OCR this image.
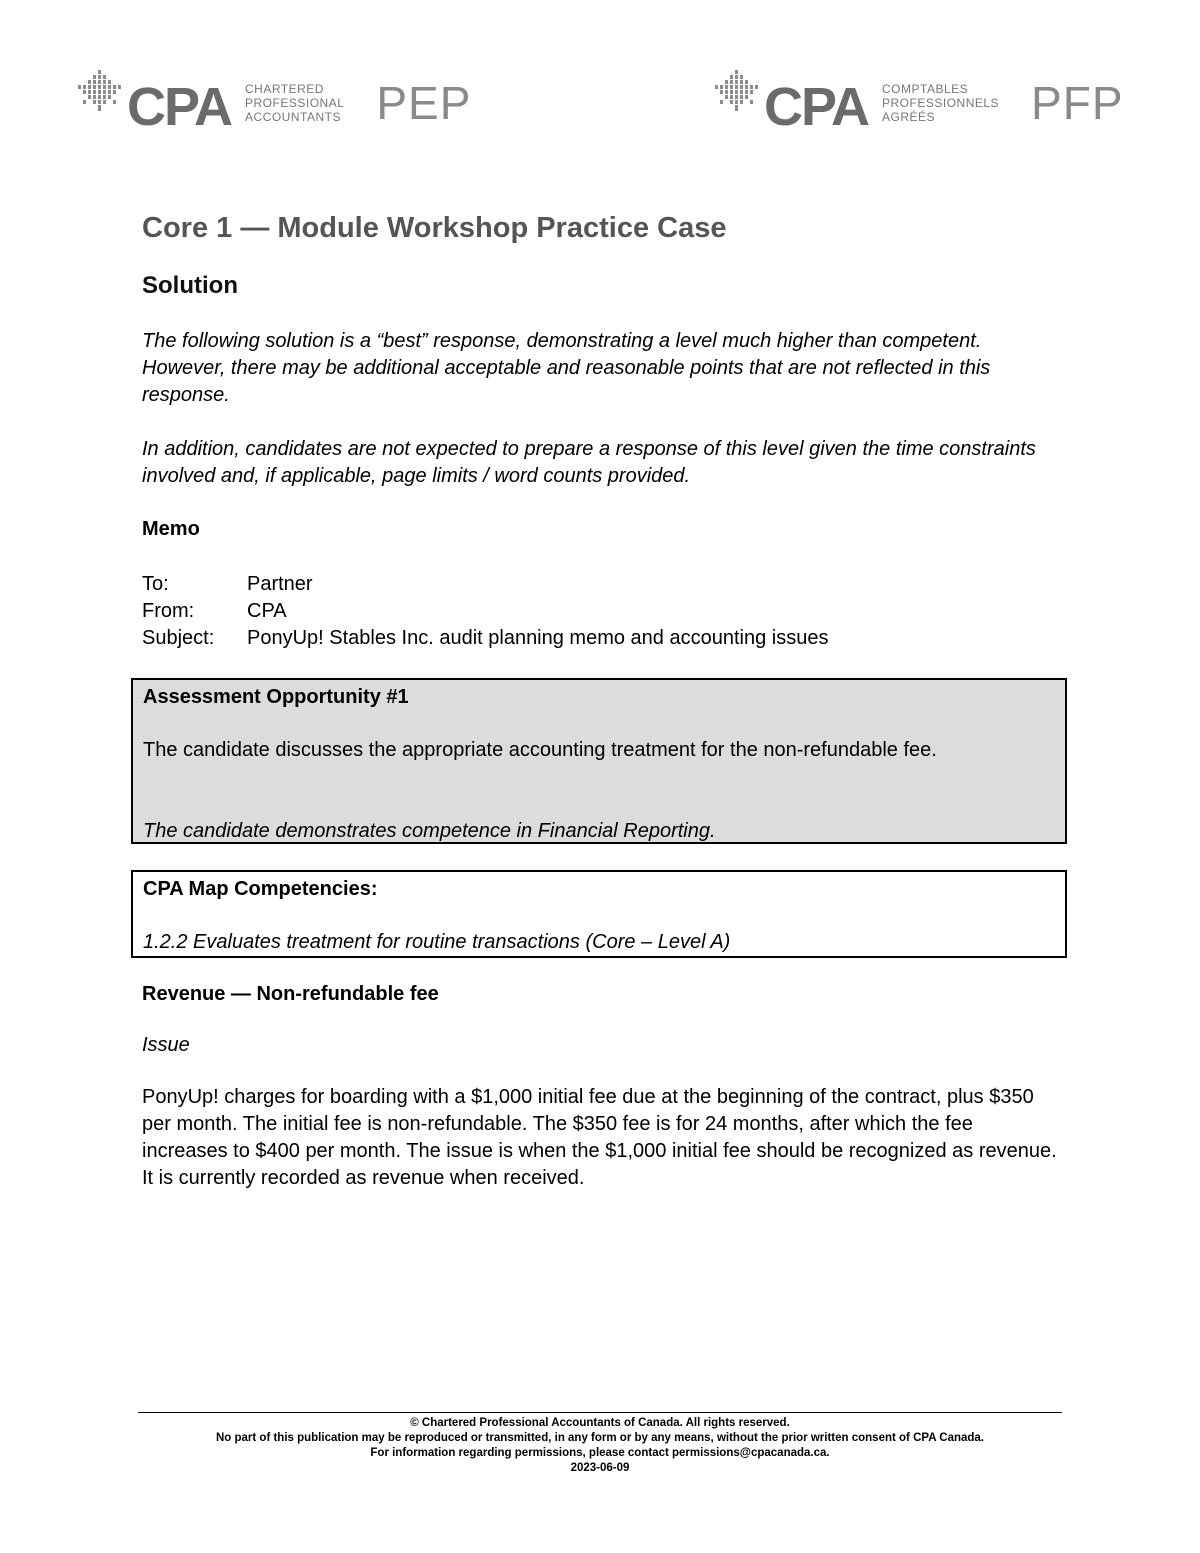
CPA CHARTERED
PROFESSIONAL
ACCOUNTANTS PEP	CPA COMPTABLES
PROFESSIONNELS
AGRÉÉS	PFP
Core 1 — Module Workshop Practice Case
Solution

The following solution is a “best” response, demonstrating a level much higher than competent. However, there may be additional acceptable and reasonable points that are not reflected in this response.

In addition, candidates are not expected to prepare a response of this level given the time constraints involved and, if applicable, page limits / word counts provided.

Memo
To:	Partner
From:	CPA
Subject:	PonyUp! Stables Inc. audit planning memo and accounting issues

Assessment Opportunity #1

The candidate discusses the appropriate accounting treatment for the non-refundable fee.

The candidate demonstrates competence in Financial Reporting.

CPA Map Competencies:

1.2.2 Evaluates treatment for routine transactions (Core – Level A)

Revenue — Non-refundable fee

Issue

PonyUp! charges for boarding with a $1,000 initial fee due at the beginning of the contract, plus $350 per month. The initial fee is non-refundable. The $350 fee is for 24 months, after which the fee increases to $400 per month. The issue is when the $1,000 initial fee should be recognized as revenue. It is currently recorded as revenue when received.

© Chartered Professional Accountants of Canada. All rights reserved.
No part of this publication may be reproduced or transmitted, in any form or by any means, without the prior written consent of CPA Canada.
For information regarding permissions, please contact permissions@cpacanada.ca.
2023-06-09
